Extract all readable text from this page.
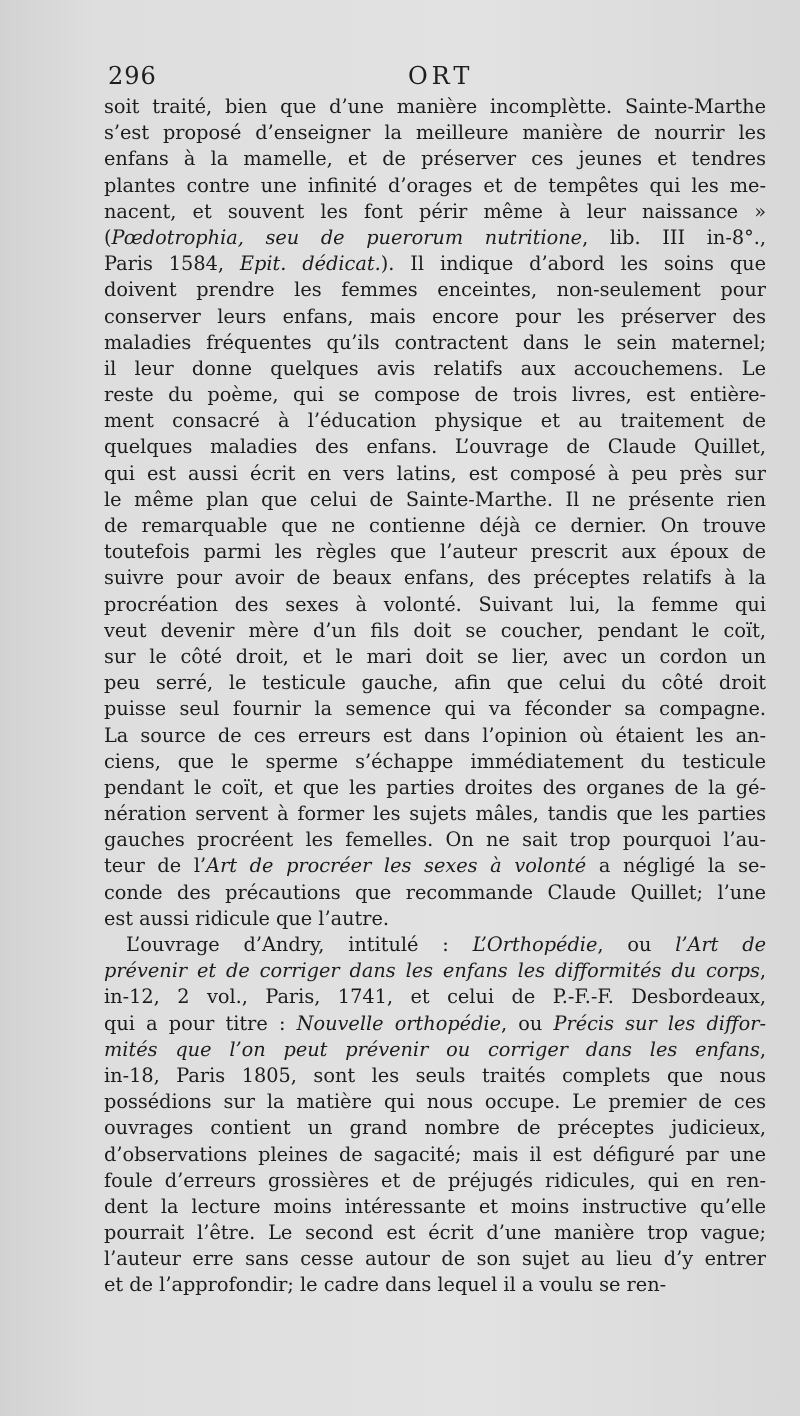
296	ORT
soit traité, bien que d’une manière incomplètte. Sainte-Marthe
s’est proposé d’enseigner la meilleure manière de nourrir les
enfans à la mamelle, et de préserver ces jeunes et tendres
plantes contre une infinité d’orages et de tempêtes qui les me-
nacent, et souvent les font périr même à leur naissance »
(Pœdotrophia, seu de puerorum nutritione, lib. III in-8°.,
Paris 1584, Epit. dédicat.). Il indique d’abord les soins que
doivent prendre les femmes enceintes, non-seulement pour
conserver leurs enfans, mais encore pour les préserver des
maladies fréquentes qu’ils contractent dans le sein maternel;
il leur donne quelques avis relatifs aux accouchemens. Le
reste du poème, qui se compose de trois livres, est entière-
ment consacré à l’éducation physique et au traitement de
quelques maladies des enfans. L’ouvrage de Claude Quillet,
qui est aussi écrit en vers latins, est composé à peu près sur
le même plan que celui de Sainte-Marthe. Il ne présente rien
de remarquable que ne contienne déjà ce dernier. On trouve
toutefois parmi les règles que l’auteur prescrit aux époux de
suivre pour avoir de beaux enfans, des préceptes relatifs à la
procréation des sexes à volonté. Suivant lui, la femme qui
veut devenir mère d’un fils doit se coucher, pendant le coït,
sur le côté droit, et le mari doit se lier, avec un cordon un
peu serré, le testicule gauche, afin que celui du côté droit
puisse seul fournir la semence qui va féconder sa compagne.
La source de ces erreurs est dans l’opinion où étaient les an-
ciens, que le sperme s’échappe immédiatement du testicule
pendant le coït, et que les parties droites des organes de la gé-
nération servent à former les sujets mâles, tandis que les parties
gauches procréent les femelles. On ne sait trop pourquoi l’au-
teur de l’Art de procréer les sexes à volonté a négligé la se-
conde des précautions que recommande Claude Quillet; l’une
est aussi ridicule que l’autre.
L’ouvrage d’Andry, intitulé : L’Orthopédie, ou l’Art de
prévenir et de corriger dans les enfans les difformités du corps,
in-12, 2 vol., Paris, 1741, et celui de P.-F.-F. Desbordeaux,
qui a pour titre : Nouvelle orthopédie, ou Précis sur les diffor-
mités que l’on peut prévenir ou corriger dans les enfans,
in-18, Paris 1805, sont les seuls traités complets que nous
possédions sur la matière qui nous occupe. Le premier de ces
ouvrages contient un grand nombre de préceptes judicieux,
d’observations pleines de sagacité; mais il est défiguré par une
foule d’erreurs grossières et de préjugés ridicules, qui en ren-
dent la lecture moins intéressante et moins instructive qu’elle
pourrait l’être. Le second est écrit d’une manière trop vague;
l’auteur erre sans cesse autour de son sujet au lieu d’y entrer
et de l’approfondir; le cadre dans lequel il a voulu se ren-
